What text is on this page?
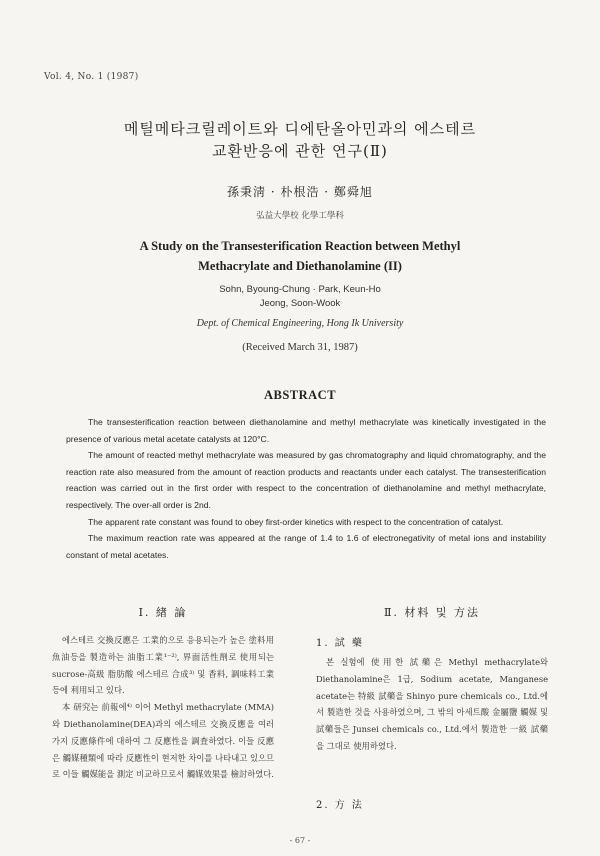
Vol. 4, No. 1 (1987)
메틸메타크릴레이트와 디에탄올아민과의 에스테르
교환반응에 관한 연구(Ⅱ)
孫秉淸 · 朴根浩 · 鄭舜旭
弘益大學校 化學工學科
A Study on the Transesterification Reaction between Methyl
Methacrylate and Diethanolamine (II)
Sohn, Byoung-Chung · Park, Keun-Ho
Jeong, Soon-Wook
Dept. of Chemical Engineering, Hong Ik University
(Received March 31, 1987)
ABSTRACT

The transesterification reaction between diethanolamine and methyl methacrylate was kinetically investigated in the presence of various metal acetate catalysts at 120°C.

The amount of reacted methyl methacrylate was measured by gas chromatography and liquid chromatography, and the reaction rate also measured from the amount of reaction products and reactants under each catalyst. The transesterification reaction was carried out in the first order with respect to the concentration of diethanolamine and methyl methacrylate, respectively. The over-all order is 2nd.

The apparent rate constant was found to obey first-order kinetics with respect to the concentration of catalyst.

The maximum reaction rate was appeared at the range of 1.4 to 1.6 of electronegativity of metal ions and instability constant of metal acetates.

Ⅰ. 緖 論

에스테르 交換反應은 工業的으로 응용되는가 높은 塗料用 魚油등을 製造하는 油脂工業¹⁻²⁾, 界面活性劑로 使用되는 sucrose-高級 脂肪酸 에스테르 合成³⁾ 및 香料, 調味料工業등에 利用되고 있다.

本 研究는 前報에⁴⁾ 이어 Methyl methacrylate (MMA)와 Diethanolamine(DEA)과의 에스테르 交換反應을 여러가지 反應條件에 대하여 그 反應性을 調査하였다. 이들 反應은 觸媒種類에 따라 反應性이 현저한 차이를 나타내고 있으므로 이들 觸媒能을 測定 비교하므로서 觸媒效果를 檢討하였다.

Ⅱ. 材料 및 方法
1. 試 藥

본 실험에 使用한 試藥은 Methyl methacrylate와 Diethanolamine은 1급, Sodium acetate, Manganese acetate는 特級 試藥을 Shinyo pure chemicals co., Ltd.에서 製造한 것을 사용하였으며, 그 밖의 아세트酸 金屬鹽 觸媒 및 試藥들은 Junsei chemicals co., Ltd.에서 製造한 一級 試藥을 그대로 使用하였다.

2. 方 法
- 67 -
